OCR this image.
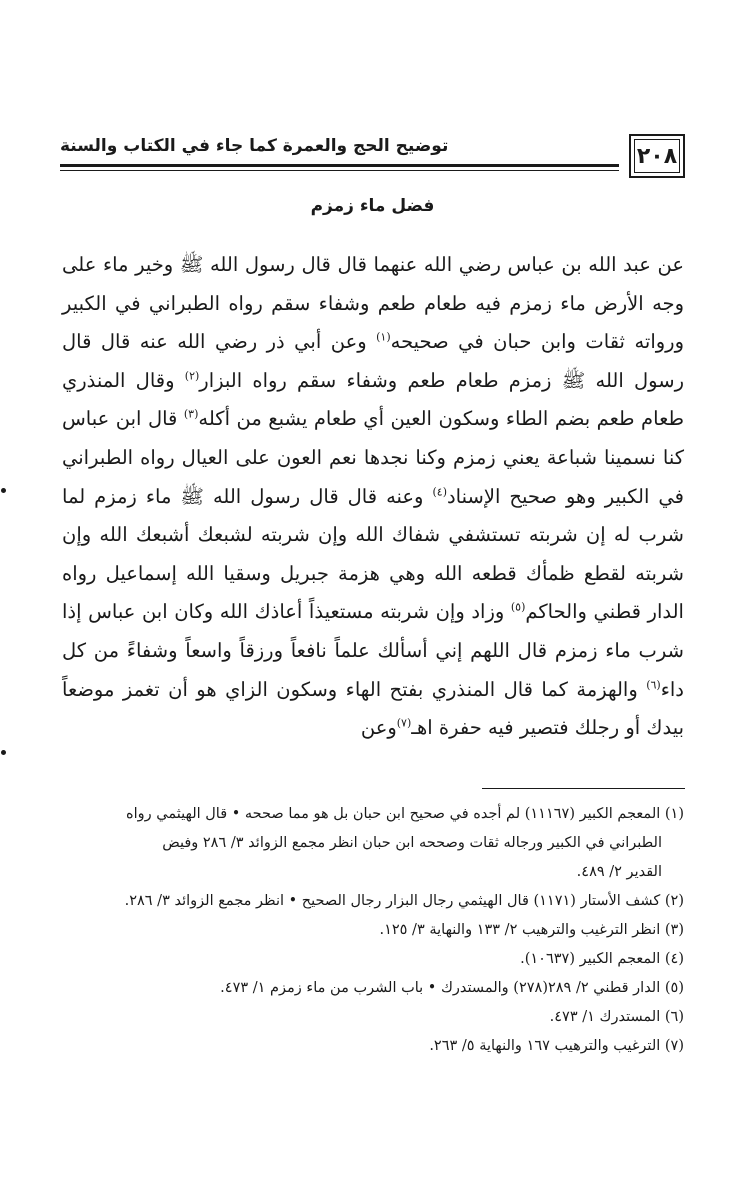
٢٠٨
توضيح الحج والعمرة كما جاء في الكتاب والسنة
فضل ماء زمزم
عن عبد الله بن عباس رضي الله عنهما قال قال رسول الله ﷺ وخير ماء على وجه الأرض ماء زمزم فيه طعام طعم وشفاء سقم رواه الطبراني في الكبير ورواته ثقات وابن حبان في صحيحه$^{(١)}$ وعن أبي ذر رضي الله عنه قال قال رسول الله ﷺ زمزم طعام طعم وشفاء سقم رواه البزار$^{(٢)}$ وقال المنذري طعام طعم بضم الطاء وسكون العين أي طعام يشبع من أكله$^{(٣)}$ قال ابن عباس كنا نسمينا شباعة يعني زمزم وكنا نجدها نعم العون على العيال رواه الطبراني في الكبير وهو صحيح الإسناد$^{(٤)}$ وعنه قال قال رسول الله ﷺ ماء زمزم لما شرب له إن شربته تستشفي شفاك الله وإن شربته لشبعك أشبعك الله وإن شربته لقطع ظمأك قطعه الله وهي هزمة جبريل وسقيا الله إسماعيل رواه الدار قطني والحاكم$^{(٥)}$ وزاد وإن شربته مستعيذاً أعاذك الله وكان ابن عباس إذا شرب ماء زمزم قال اللهم إني أسألك علماً نافعاً ورزقاً واسعاً وشفاءً من كل داء$^{(٦)}$ والهزمة كما قال المنذري بفتح الهاء وسكون الزاي هو أن تغمز موضعاً بيدك أو رجلك فتصير فيه حفرة اهـ$^{(٧)}$وعن

(١) المعجم الكبير (١١١٦٧) لم أجده في صحيح ابن حبان بل هو مما صححه • قال الهيثمي رواه

الطبراني في الكبير ورجاله ثقات وصححه ابن حبان انظر مجمع الزوائد ٣/ ٢٨٦ وفيض

القدير ٢/ ٤٨٩.

(٢) كشف الأستار (١١٧١) قال الهيثمي رجال البزار رجال الصحيح • انظر مجمع الزوائد ٣/ ٢٨٦.

(٣) انظر الترغيب والترهيب ٢/ ١٣٣ والنهاية ٣/ ١٢٥.

(٤) المعجم الكبير (١٠٦٣٧).

(٥) الدار قطني ٢/ ٢٨٩(٢٧٨) والمستدرك • باب الشرب من ماء زمزم ١/ ٤٧٣.

(٦) المستدرك ١/ ٤٧٣.

(٧) الترغيب والترهيب ١٦٧ والنهاية ٥/ ٢٦٣.
